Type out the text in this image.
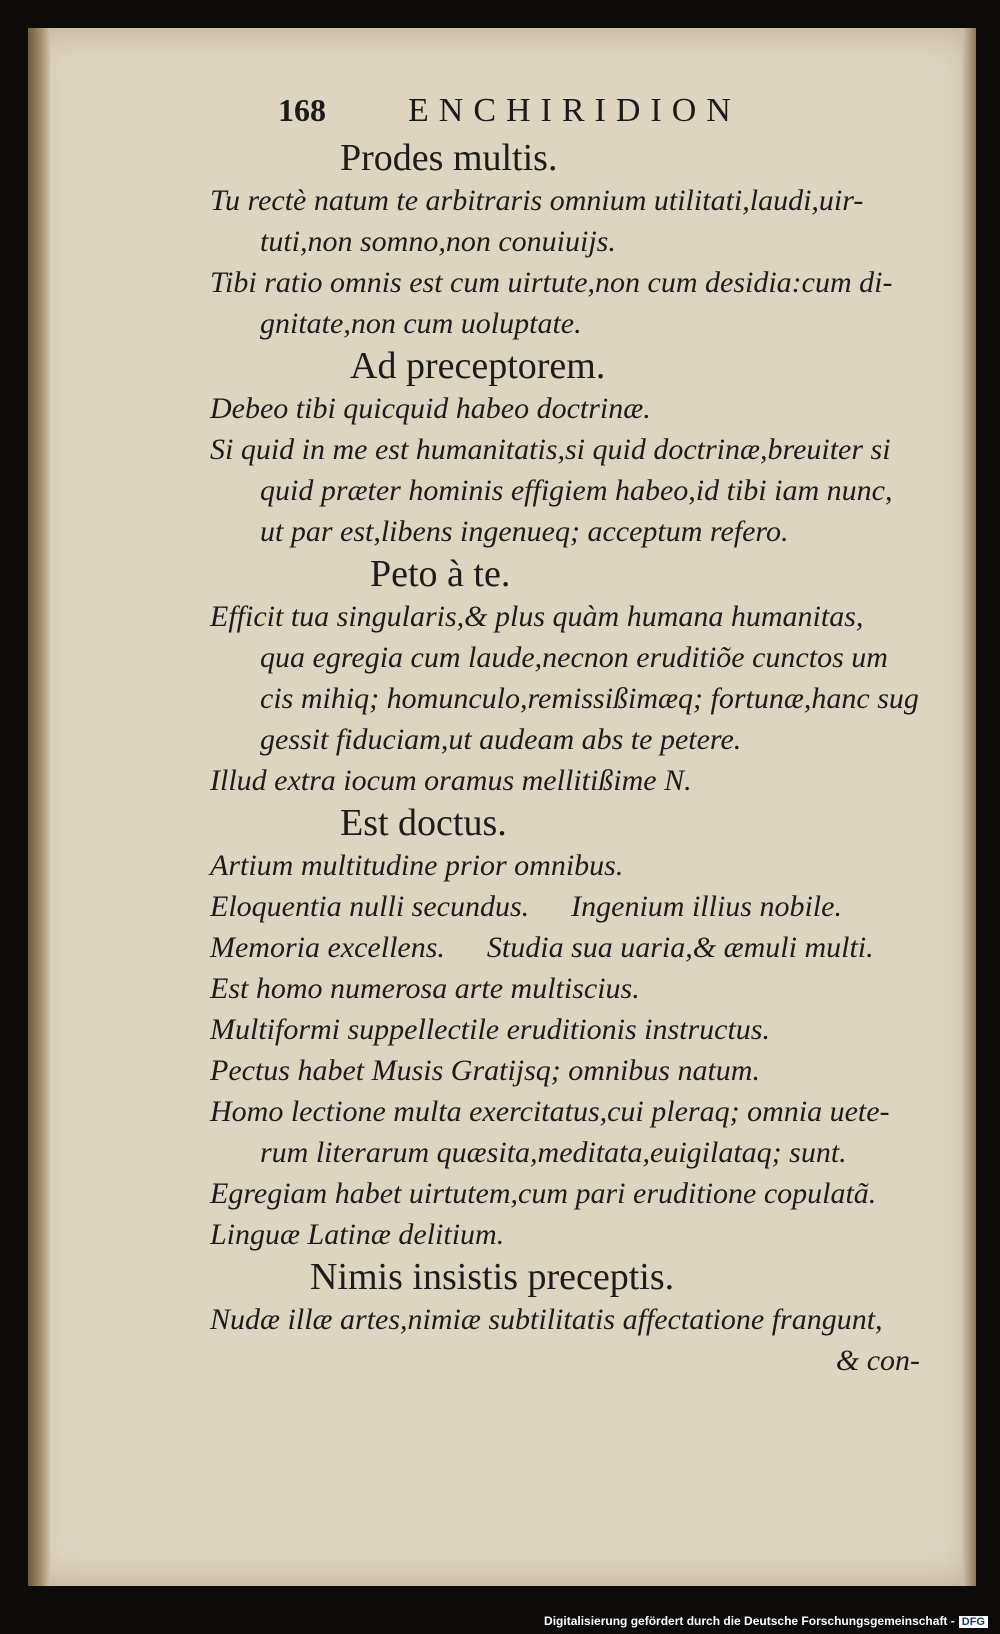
168 ENCHIRIDION
Prodes multis.
Tu rectè natum te arbitraris omnium utilitati,laudi,uir-
tuti,non somno,non conuiuijs.
Tibi ratio omnis est cum uirtute,non cum desidia:cum di-
gnitate,non cum uoluptate.
Ad preceptorem.
Debeo tibi quicquid habeo doctrinæ.
Si quid in me est humanitatis,si quid doctrinæ,breuiter si
quid præter hominis effigiem habeo,id tibi iam nunc,
ut par est,libens ingenueq; acceptum refero.
Peto à te.
Efficit tua singularis,& plus quàm humana humanitas,
qua egregia cum laude,necnon eruditiõe cunctos um
cis mihiq; homunculo,remissißimæq; fortunæ,hanc sug
gessit fiduciam,ut audeam abs te petere.
Illud extra iocum oramus mellitißime N.
Est doctus.
Artium multitudine prior omnibus.
Eloquentia nulli secundus. Ingenium illius nobile.
Memoria excellens. Studia sua uaria,& æmuli multi.
Est homo numerosa arte multiscius.
Multiformi suppellectile eruditionis instructus.
Pectus habet Musis Gratijsq; omnibus natum.
Homo lectione multa exercitatus,cui pleraq; omnia uete-
rum literarum quæsita,meditata,euigilataq; sunt.
Egregiam habet uirtutem,cum pari eruditione copulatã.
Linguæ Latinæ delitium.
Nimis insistis preceptis.
Nudæ illæ artes,nimiæ subtilitatis affectatione frangunt,
& con-
Digitalisierung gefördert durch die Deutsche Forschungsgemeinschaft - DFG
